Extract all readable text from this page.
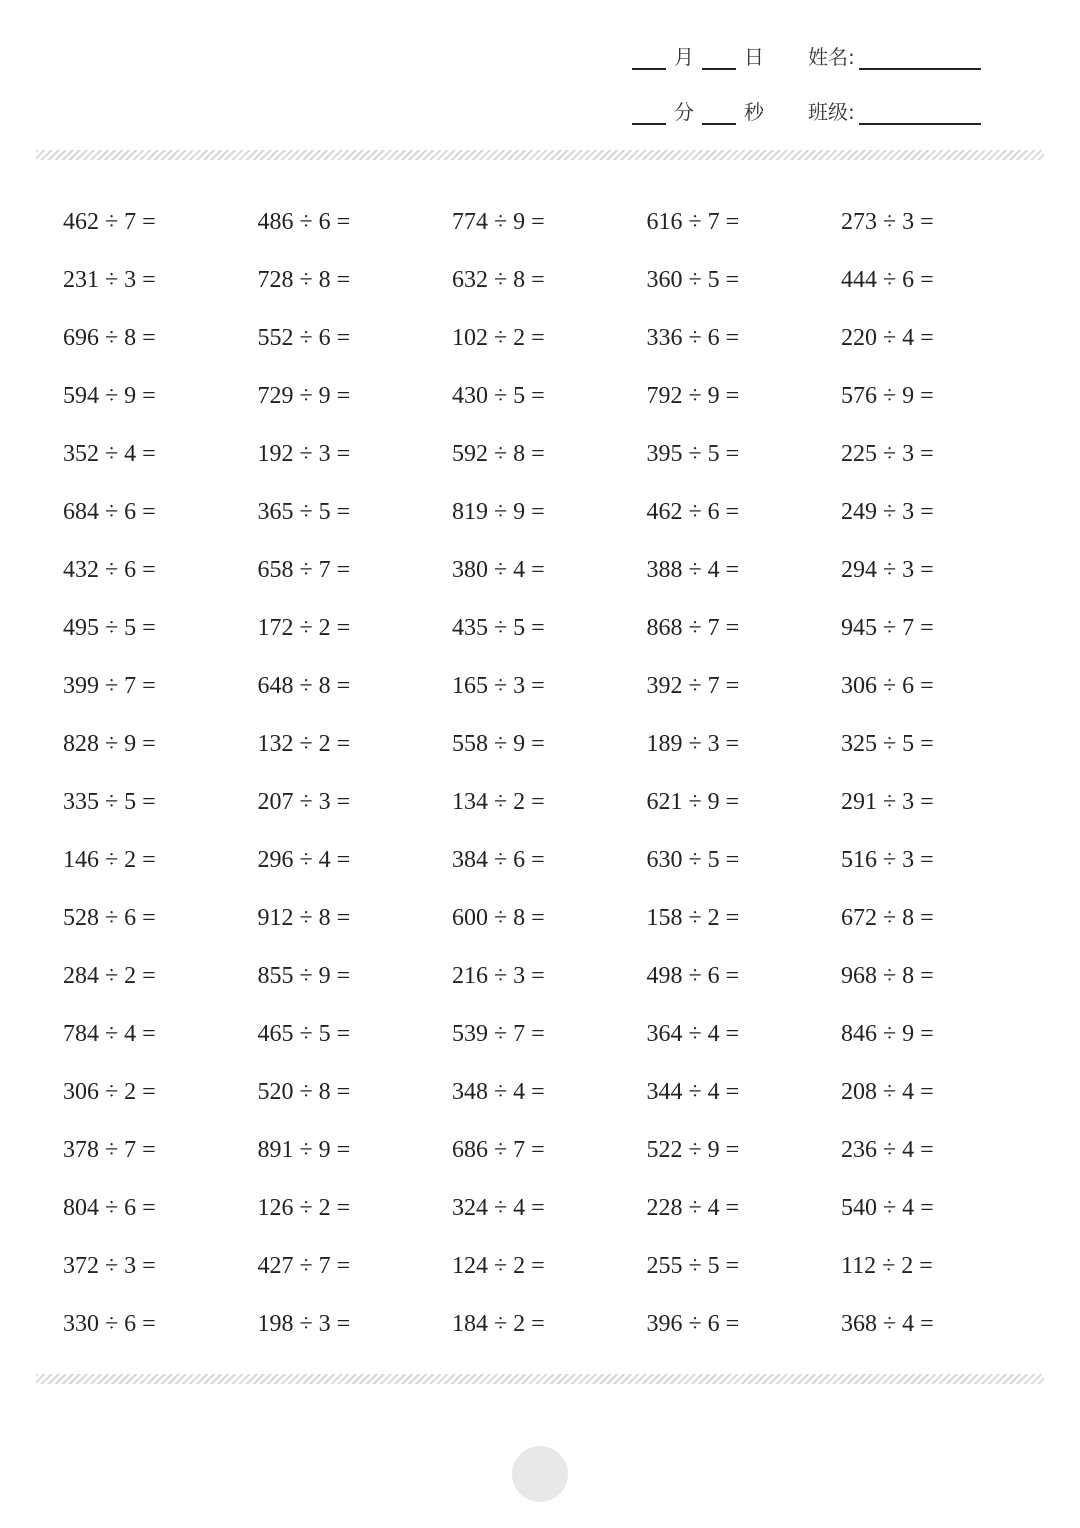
月	日	姓名:
分	秒	班级:
462 ÷ 7 =	486 ÷ 6 =	774 ÷ 9 =	616 ÷ 7 =	273 ÷ 3 =
231 ÷ 3 =	728 ÷ 8 =	632 ÷ 8 =	360 ÷ 5 =	444 ÷ 6 =
696 ÷ 8 =	552 ÷ 6 =	102 ÷ 2 =	336 ÷ 6 =	220 ÷ 4 =
594 ÷ 9 =	729 ÷ 9 =	430 ÷ 5 =	792 ÷ 9 =	576 ÷ 9 =
352 ÷ 4 =	192 ÷ 3 =	592 ÷ 8 =	395 ÷ 5 =	225 ÷ 3 =
684 ÷ 6 =	365 ÷ 5 =	819 ÷ 9 =	462 ÷ 6 =	249 ÷ 3 =
432 ÷ 6 =	658 ÷ 7 =	380 ÷ 4 =	388 ÷ 4 =	294 ÷ 3 =
495 ÷ 5 =	172 ÷ 2 =	435 ÷ 5 =	868 ÷ 7 =	945 ÷ 7 =
399 ÷ 7 =	648 ÷ 8 =	165 ÷ 3 =	392 ÷ 7 =	306 ÷ 6 =
828 ÷ 9 =	132 ÷ 2 =	558 ÷ 9 =	189 ÷ 3 =	325 ÷ 5 =
335 ÷ 5 =	207 ÷ 3 =	134 ÷ 2 =	621 ÷ 9 =	291 ÷ 3 =
146 ÷ 2 =	296 ÷ 4 =	384 ÷ 6 =	630 ÷ 5 =	516 ÷ 3 =
528 ÷ 6 =	912 ÷ 8 =	600 ÷ 8 =	158 ÷ 2 =	672 ÷ 8 =
284 ÷ 2 =	855 ÷ 9 =	216 ÷ 3 =	498 ÷ 6 =	968 ÷ 8 =
784 ÷ 4 =	465 ÷ 5 =	539 ÷ 7 =	364 ÷ 4 =	846 ÷ 9 =
306 ÷ 2 =	520 ÷ 8 =	348 ÷ 4 =	344 ÷ 4 =	208 ÷ 4 =
378 ÷ 7 =	891 ÷ 9 =	686 ÷ 7 =	522 ÷ 9 =	236 ÷ 4 =
804 ÷ 6 =	126 ÷ 2 =	324 ÷ 4 =	228 ÷ 4 =	540 ÷ 4 =
372 ÷ 3 =	427 ÷ 7 =	124 ÷ 2 =	255 ÷ 5 =	112 ÷ 2 =
330 ÷ 6 =	198 ÷ 3 =	184 ÷ 2 =	396 ÷ 6 =	368 ÷ 4 =
